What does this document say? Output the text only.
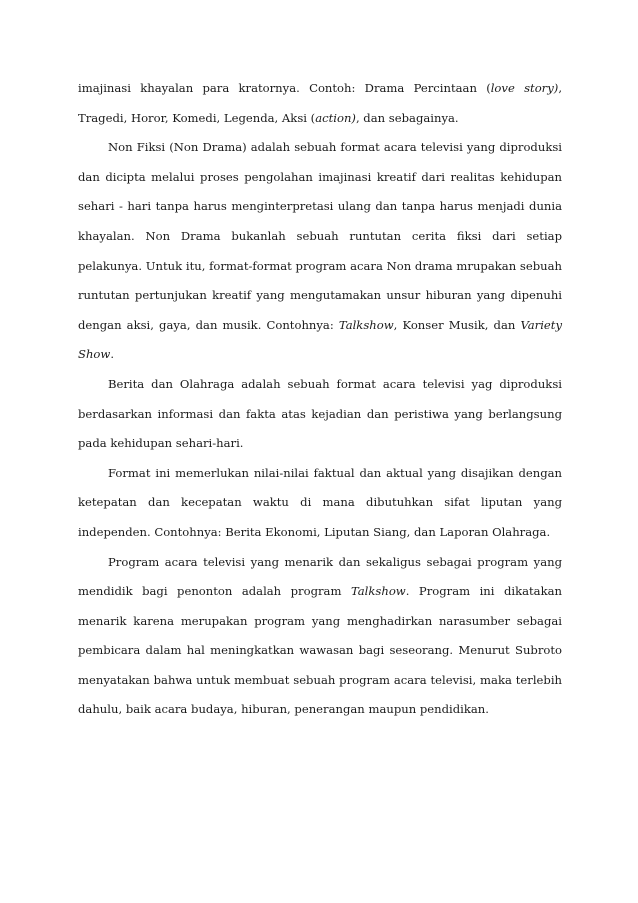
imajinasi khayalan para kratornya. Contoh: Drama Percintaan (love story), Tragedi, Horor, Komedi, Legenda, Aksi (action), dan sebagainya.

Non Fiksi (Non Drama) adalah sebuah format acara televisi yang diproduksi dan dicipta melalui proses pengolahan imajinasi kreatif dari realitas kehidupan sehari - hari tanpa harus menginterpretasi ulang dan tanpa harus menjadi dunia khayalan. Non Drama bukanlah sebuah runtutan cerita fiksi dari setiap pelakunya. Untuk itu, format-format program acara Non drama mrupakan sebuah runtutan pertunjukan kreatif yang mengutamakan unsur hiburan yang dipenuhi dengan aksi, gaya, dan musik. Contohnya: Talkshow, Konser Musik, dan Variety Show.

Berita dan Olahraga adalah sebuah format acara televisi yag diproduksi berdasarkan informasi dan fakta atas kejadian dan peristiwa yang berlangsung pada kehidupan sehari-hari.

Format ini memerlukan nilai-nilai faktual dan aktual yang disajikan dengan ketepatan dan kecepatan waktu di mana dibutuhkan sifat liputan yang independen. Contohnya: Berita Ekonomi, Liputan Siang, dan Laporan Olahraga.

Program acara televisi yang menarik dan sekaligus sebagai program yang mendidik bagi penonton adalah program Talkshow. Program ini dikatakan menarik karena merupakan program yang menghadirkan narasumber sebagai pembicara dalam hal meningkatkan wawasan bagi seseorang. Menurut Subroto menyatakan bahwa untuk membuat sebuah program acara televisi, maka terlebih dahulu, baik acara budaya, hiburan, penerangan maupun pendidikan.
